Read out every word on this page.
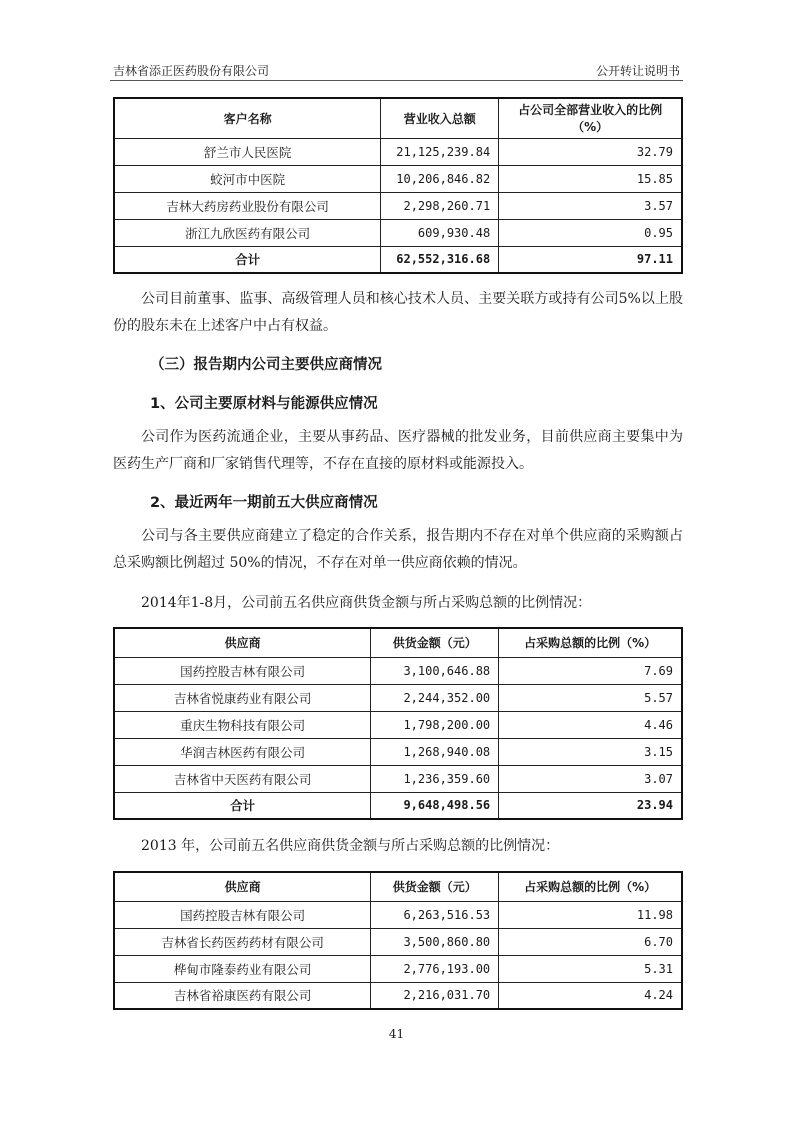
吉林省添正医药股份有限公司	公开转让说明书
客户名称	营业收入总额	占公司全部营业收入的比例（%）
舒兰市人民医院	21,125,239.84	32.79
蛟河市中医院	10,206,846.82	15.85
吉林大药房药业股份有限公司	2,298,260.71	3.57
浙江九欣医药有限公司	609,930.48	0.95
合计	62,552,316.68	97.11
公司目前董事、监事、高级管理人员和核心技术人员、主要关联方或持有公司5%以上股份的股东未在上述客户中占有权益。
（三）报告期内公司主要供应商情况
1、公司主要原材料与能源供应情况
公司作为医药流通企业，主要从事药品、医疗器械的批发业务，目前供应商主要集中为医药生产厂商和厂家销售代理等，不存在直接的原材料或能源投入。
2、最近两年一期前五大供应商情况
公司与各主要供应商建立了稳定的合作关系，报告期内不存在对单个供应商的采购额占总采购额比例超过 50%的情况，不存在对单一供应商依赖的情况。
2014年1-8月，公司前五名供应商供货金额与所占采购总额的比例情况：
供应商	供货金额（元）	占采购总额的比例（%）
国药控股吉林有限公司	3,100,646.88	7.69
吉林省悦康药业有限公司	2,244,352.00	5.57
重庆生物科技有限公司	1,798,200.00	4.46
华润吉林医药有限公司	1,268,940.08	3.15
吉林省中天医药有限公司	1,236,359.60	3.07
合计	9,648,498.56	23.94
2013 年，公司前五名供应商供货金额与所占采购总额的比例情况：
供应商	供货金额（元）	占采购总额的比例（%）
国药控股吉林有限公司	6,263,516.53	11.98
吉林省长药医药药材有限公司	3,500,860.80	6.70
桦甸市隆泰药业有限公司	2,776,193.00	5.31
吉林省裕康医药有限公司	2,216,031.70	4.24
41
